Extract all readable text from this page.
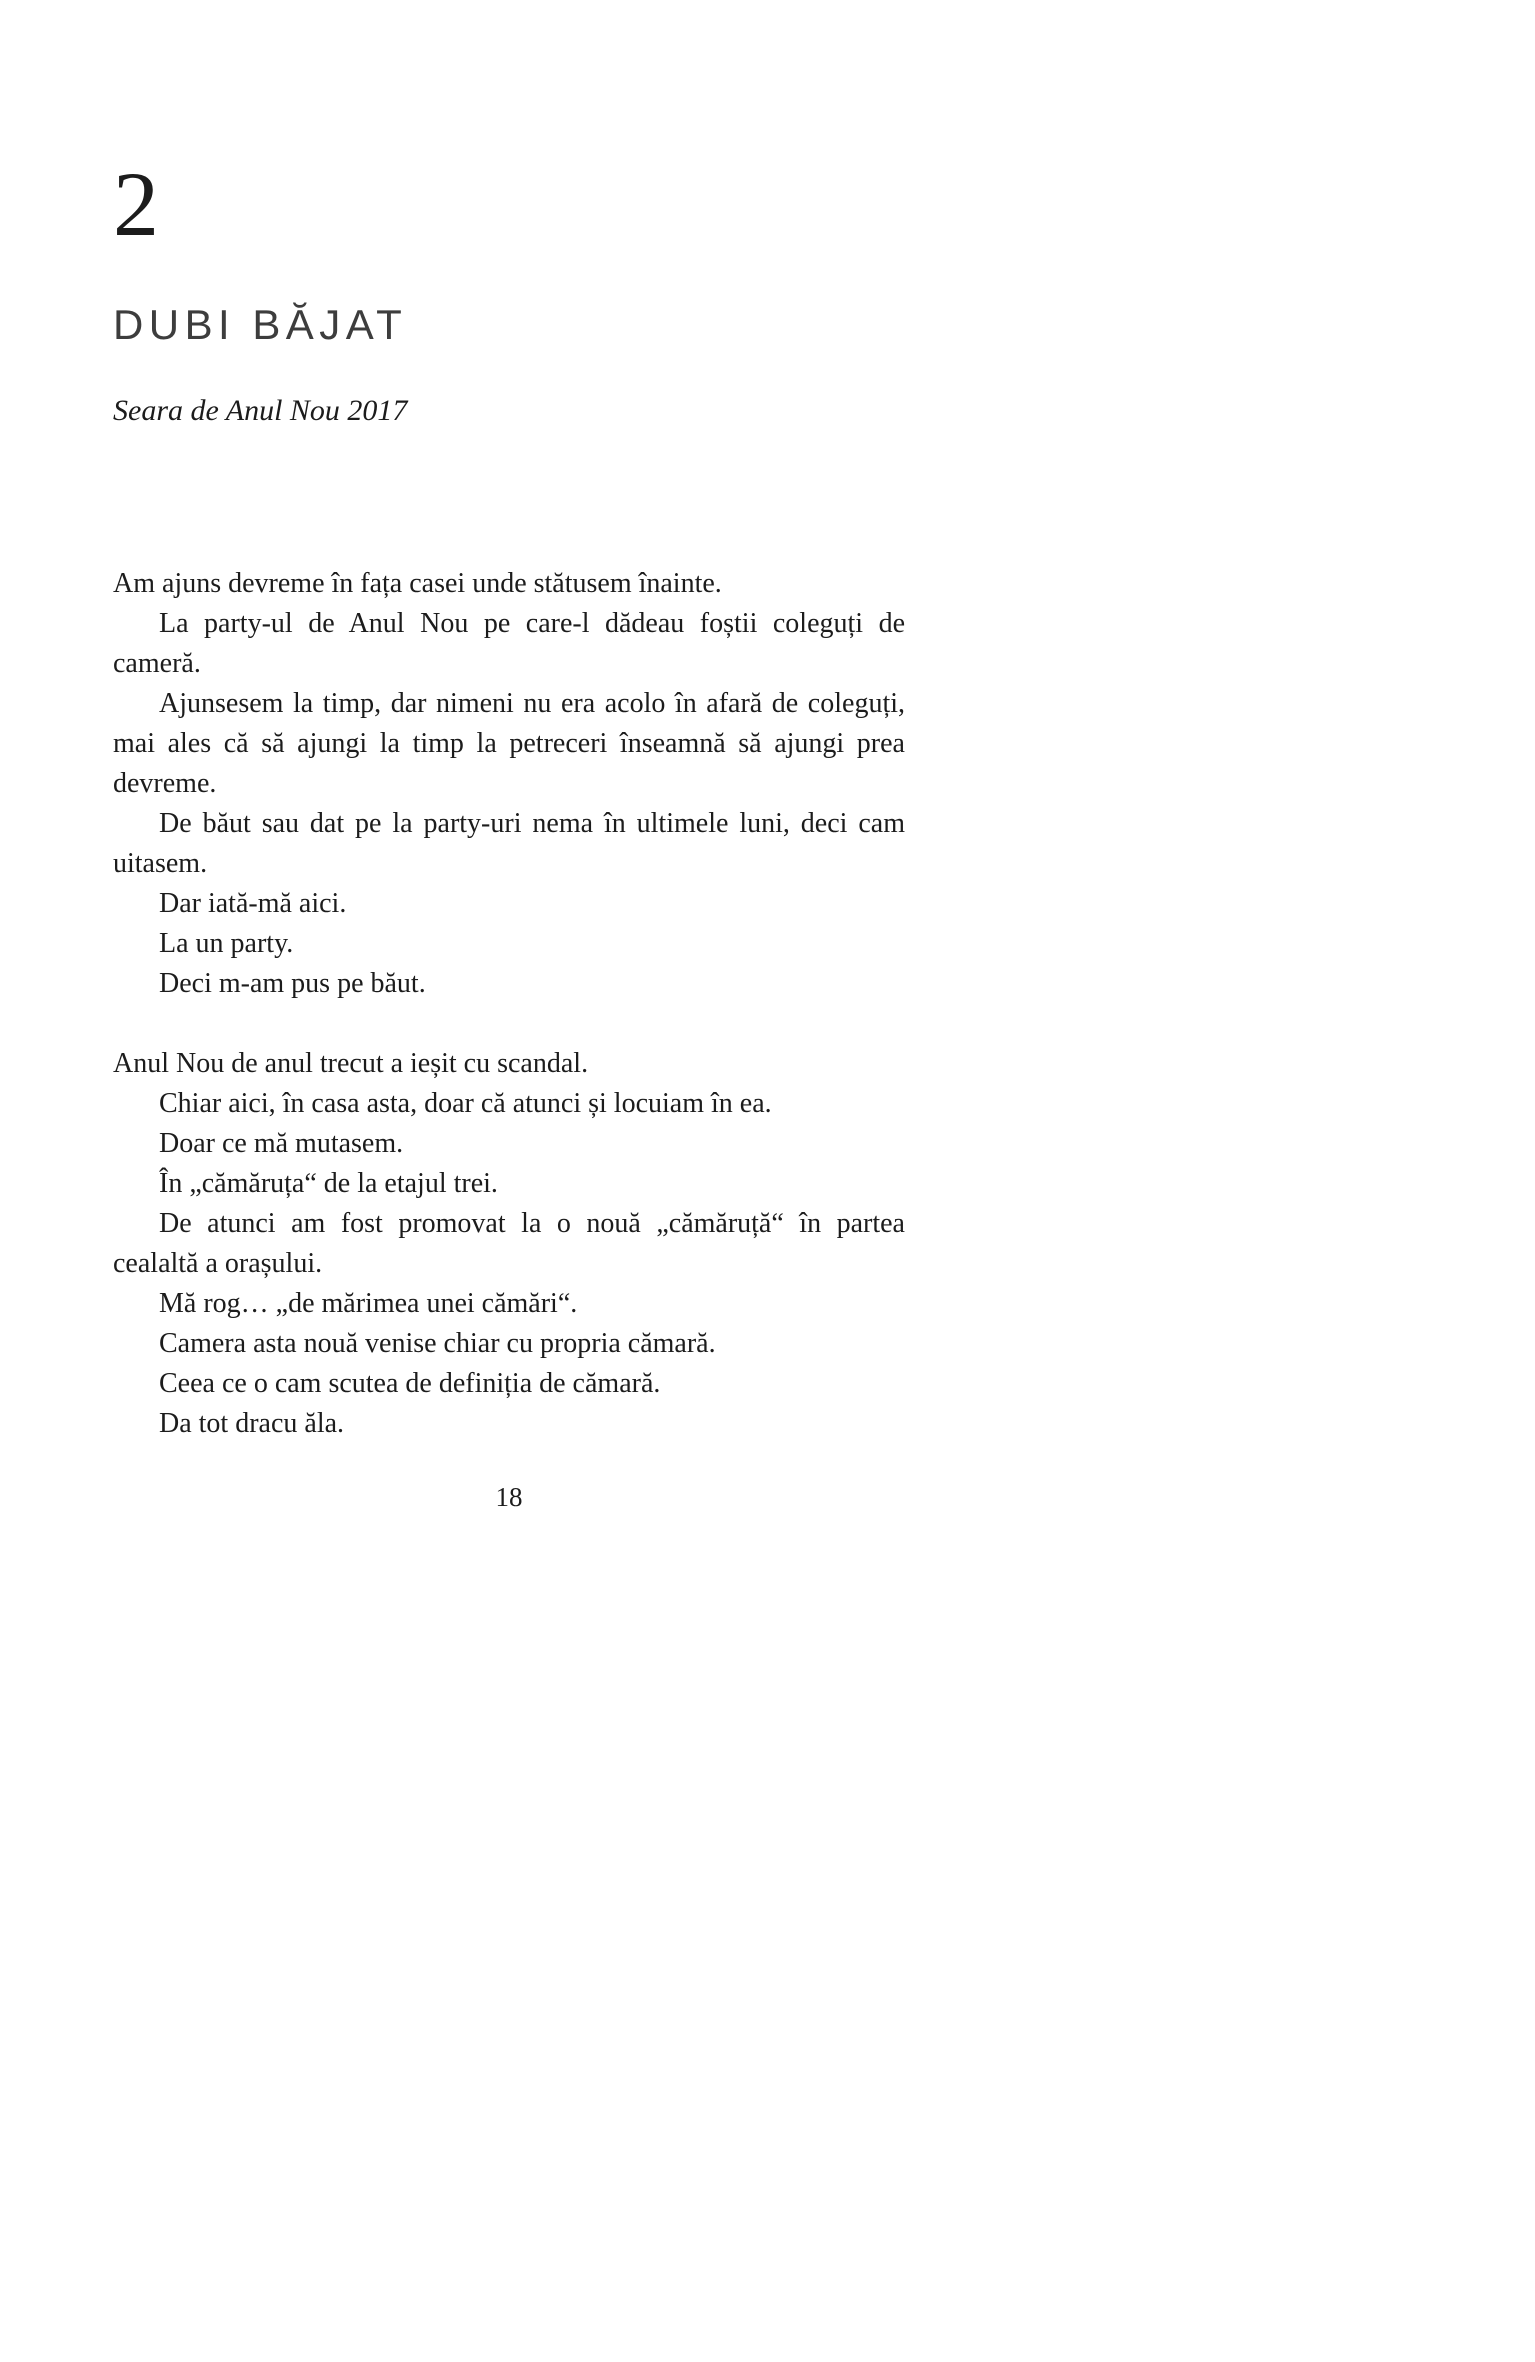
2
DUBI BĂJAT
Seara de Anul Nou 2017

Am ajuns devreme în fața casei unde stătusem înainte.

La party-ul de Anul Nou pe care-l dădeau foștii coleguți de cameră.

Ajunsesem la timp, dar nimeni nu era acolo în afară de coleguți, mai ales că să ajungi la timp la petreceri înseamnă să ajungi prea devreme.

De băut sau dat pe la party-uri nema în ultimele luni, deci cam uitasem.

Dar iată-mă aici.

La un party.

Deci m-am pus pe băut.

Anul Nou de anul trecut a ieșit cu scandal.

Chiar aici, în casa asta, doar că atunci și locuiam în ea.

Doar ce mă mutasem.

În „cămăruța“ de la etajul trei.

De atunci am fost promovat la o nouă „cămăruță“ în partea cealaltă a orașului.

Mă rog… „de mărimea unei cămări“.

Camera asta nouă venise chiar cu propria cămară.

Ceea ce o cam scutea de definiția de cămară.

Da tot dracu ăla.

18
